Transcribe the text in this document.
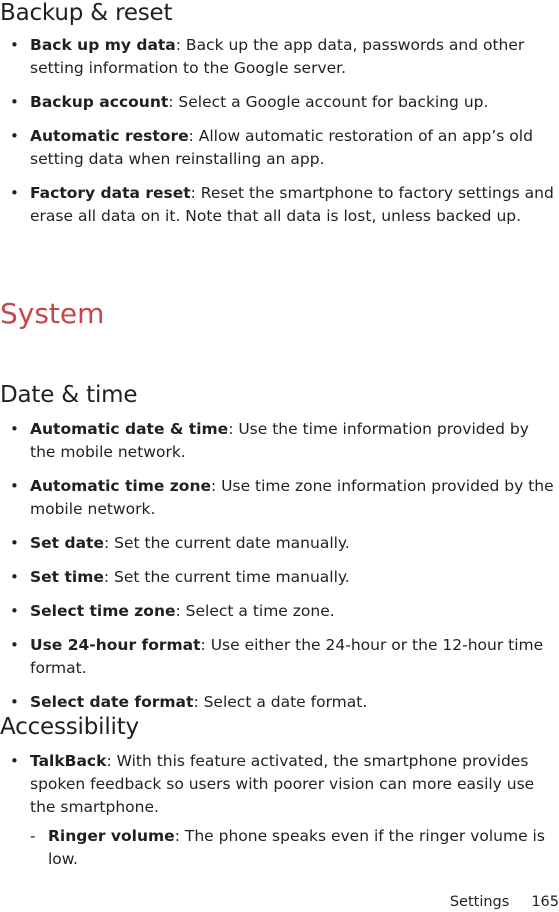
Backup & reset
• Back up my data: Back up the app data, passwords and other setting information to the Google server.
• Backup account: Select a Google account for backing up.
• Automatic restore: Allow automatic restoration of an app’s old setting data when reinstalling an app.
• Factory data reset: Reset the smartphone to factory settings and erase all data on it. Note that all data is lost, unless backed up.
System
Date & time
• Automatic date & time: Use the time information provided by the mobile network.
• Automatic time zone: Use time zone information provided by the mobile network.
• Set date: Set the current date manually.
• Set time: Set the current time manually.
• Select time zone: Select a time zone.
• Use 24-hour format: Use either the 24-hour or the 12-hour time format.
• Select date format: Select a date format.
Accessibility
• TalkBack: With this feature activated, the smartphone provides spoken feedback so users with poorer vision can more easily use the smartphone.
- Ringer volume: The phone speaks even if the ringer volume is low.
Settings 165
